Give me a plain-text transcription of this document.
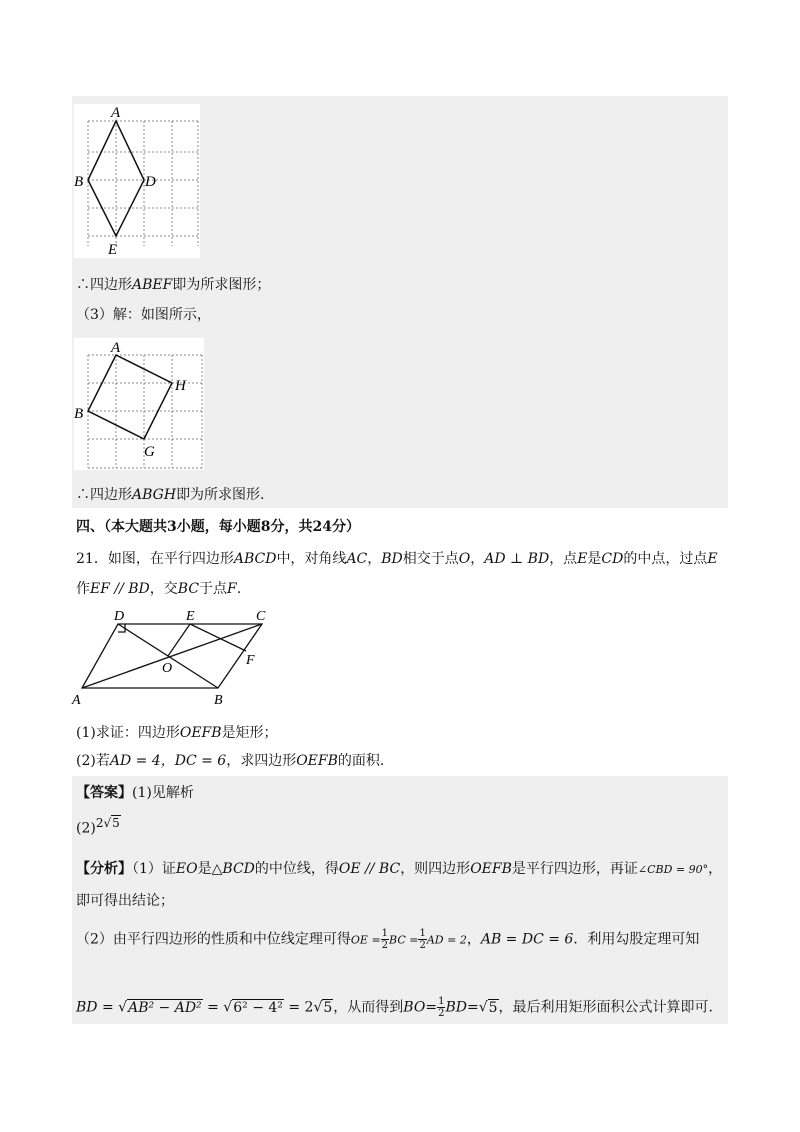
A
B	D
E
∴四边形ABEF即为所求图形；
（3）解：如图所示，
A
B
H
G
∴四边形ABGH即为所求图形.
四、（本大题共3小题，每小题8分，共24分）
21．如图，在平行四边形ABCD中，对角线AC，BD相交于点O，AD ⊥ BD，点E是CD的中点，过点E
作EF // BD，交BC于点F.
D	E	C
O
F
A	B
(1)求证：四边形OEFB是矩形；
(2)若AD = 4，DC = 6，求四边形OEFB的面积.
【答案】(1)见解析
$(2)^{2√5}$
【分析】（1）证EO是△BCD的中位线，得OE // BC，则四边形OEFB是平行四边形，再证∠CBD = 90°，
即可得出结论；
（2）由平行四边形的性质和中位线定理可得OE = $\frac{1}{2}$ BC = $\frac{1}{2}$ AD = 2，AB = DC = 6．利用勾股定理可知
BD = √AB² − AD² = √6² − 4² = 2√5，从而得到$BO= \frac{1}{2} BD=√5$，最后利用矩形面积公式计算即可.
